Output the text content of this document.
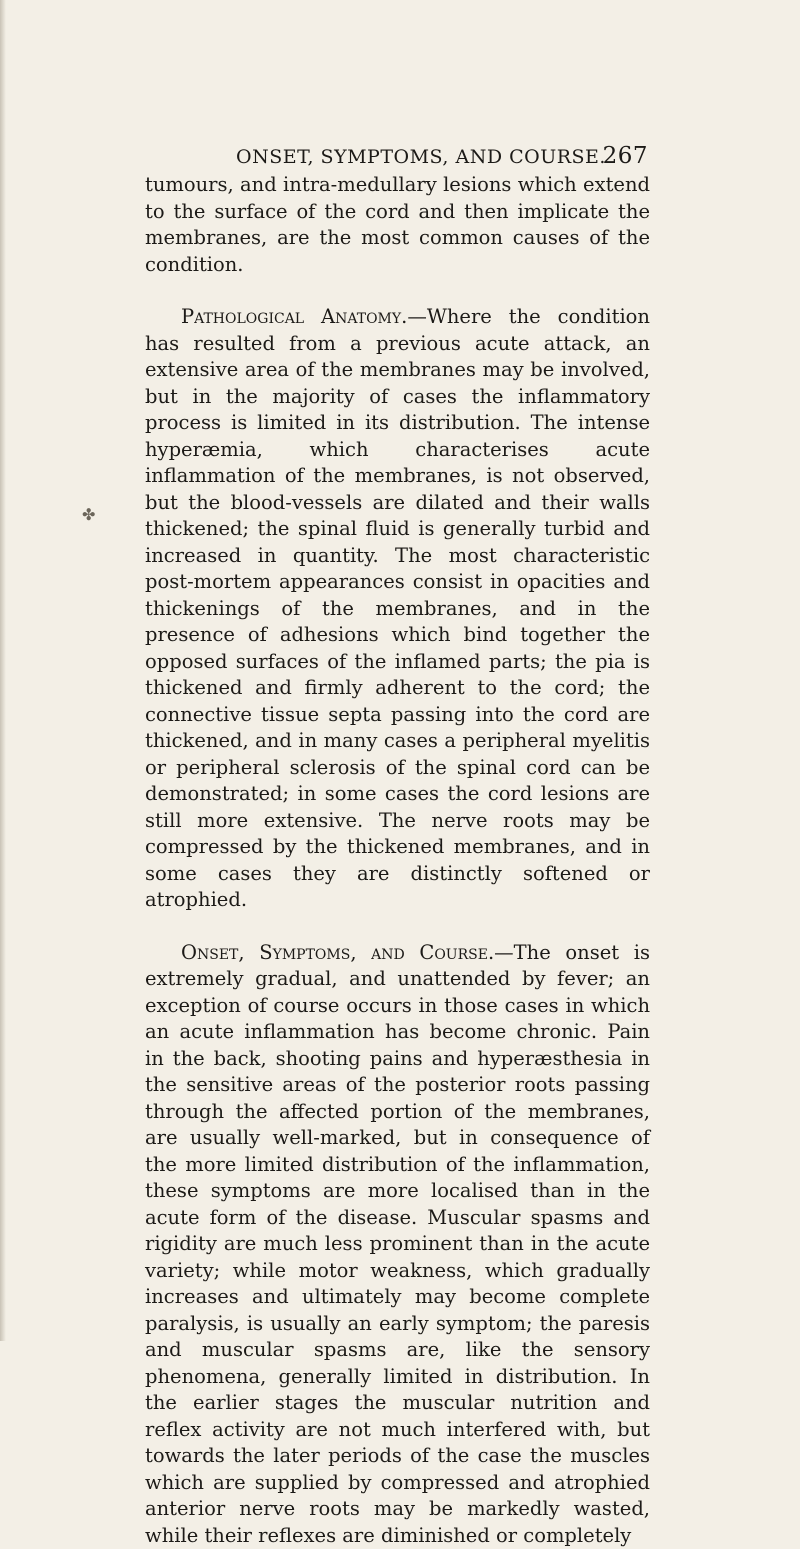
ONSET, SYMPTOMS, AND COURSE.
267
✤

tumours, and intra-medullary lesions which extend to the surface of the cord and then implicate the membranes, are the most common causes of the condition.

Pathological Anatomy.—Where the condition has resulted from a previous acute attack, an extensive area of the membranes may be involved, but in the majority of cases the inflammatory process is limited in its distribution. The intense hyperæmia, which characterises acute inflammation of the membranes, is not observed, but the blood-vessels are dilated and their walls thickened; the spinal fluid is generally turbid and increased in quantity. The most characteristic post-mortem appearances consist in opacities and thickenings of the membranes, and in the presence of adhesions which bind together the opposed surfaces of the inflamed parts; the pia is thickened and firmly adherent to the cord; the connective tissue septa passing into the cord are thickened, and in many cases a peripheral myelitis or peripheral sclerosis of the spinal cord can be demonstrated; in some cases the cord lesions are still more extensive. The nerve roots may be compressed by the thickened membranes, and in some cases they are distinctly softened or atrophied.

Onset, Symptoms, and Course.—The onset is extremely gradual, and unattended by fever; an exception of course occurs in those cases in which an acute inflammation has become chronic. Pain in the back, shooting pains and hyperæsthesia in the sensitive areas of the posterior roots passing through the affected portion of the membranes, are usually well-marked, but in consequence of the more limited distribution of the inflammation, these symptoms are more localised than in the acute form of the disease. Muscular spasms and rigidity are much less prominent than in the acute variety; while motor weakness, which gradually increases and ultimately may become complete paralysis, is usually an early symptom; the paresis and muscular spasms are, like the sensory phenomena, generally limited in distribution. In the earlier stages the muscular nutrition and reflex activity are not much interfered with, but towards the later periods of the case the muscles which are supplied by compressed and atrophied anterior nerve roots may be markedly wasted, while their reflexes are diminished or completely
